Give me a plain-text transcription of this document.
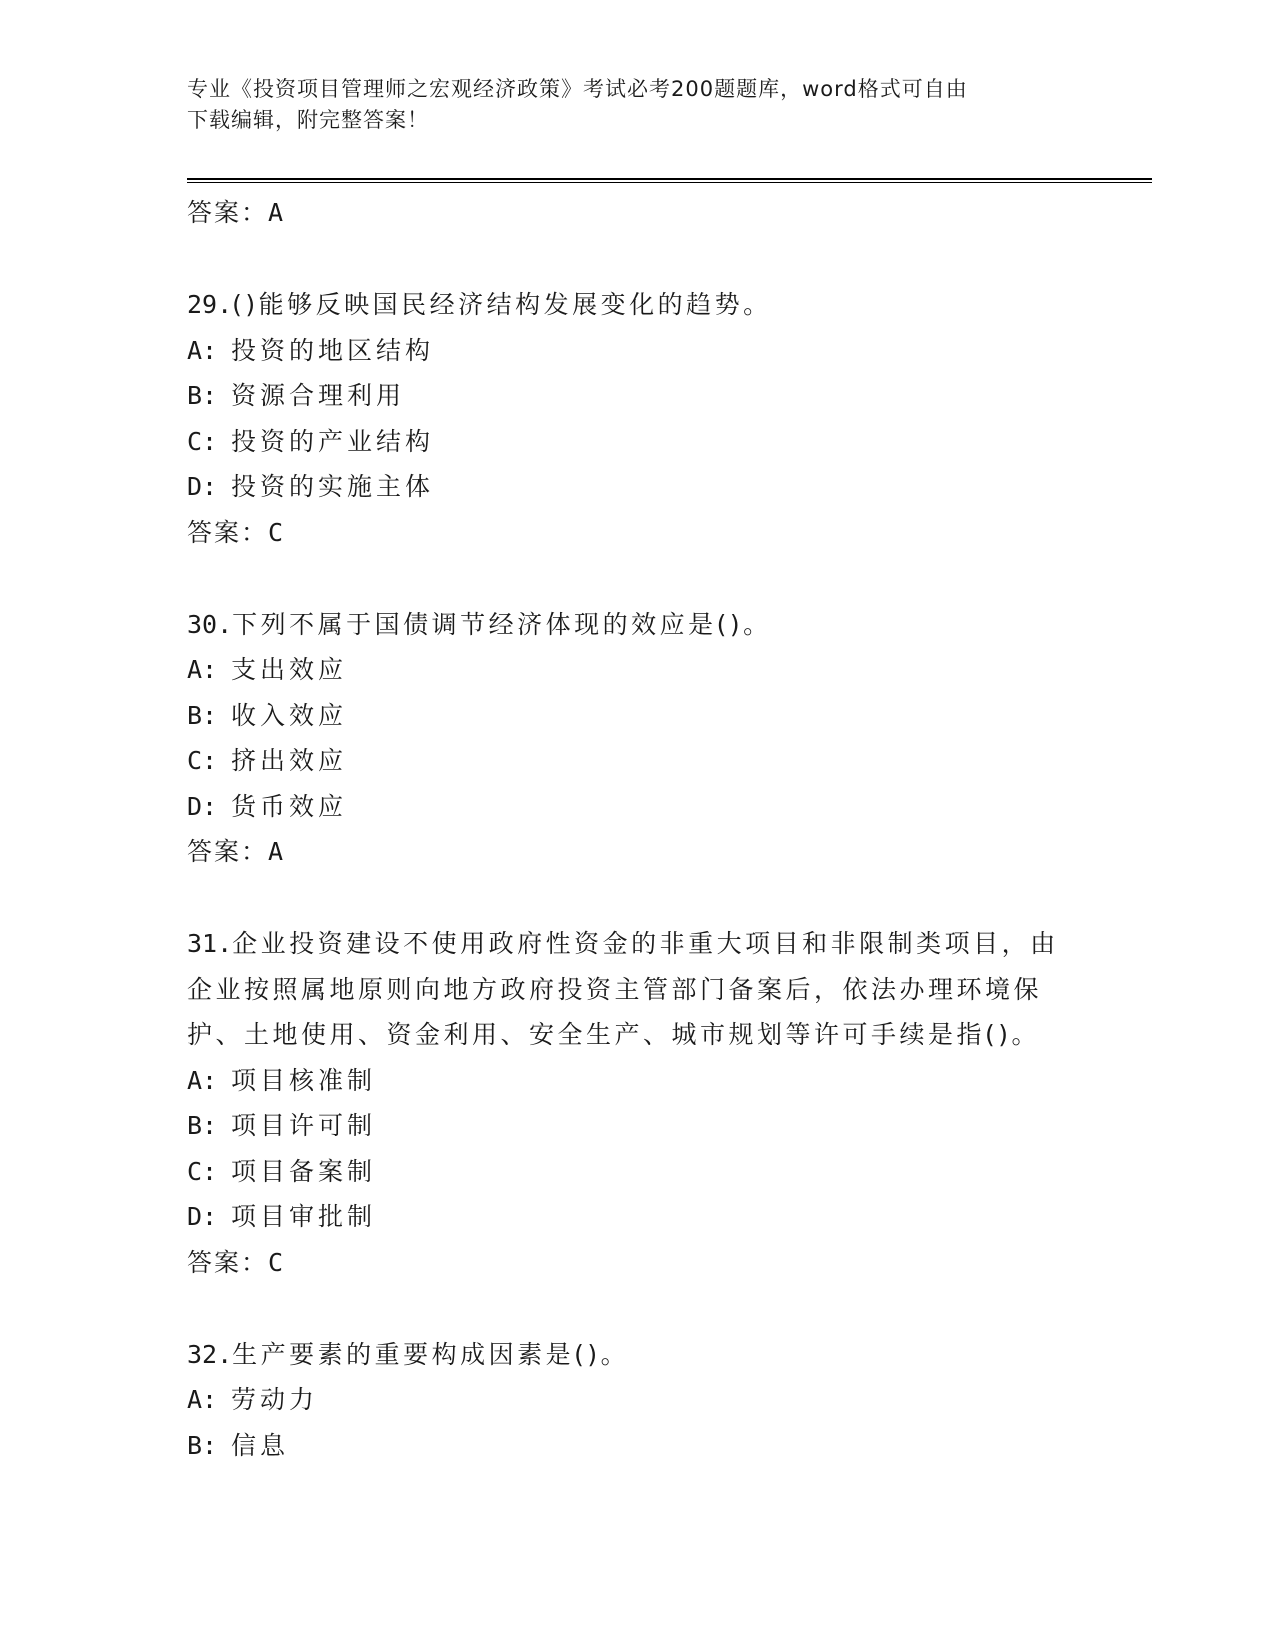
专业《投资项目管理师之宏观经济政策》考试必考200题题库，word格式可自由
下载编辑，附完整答案！
答案：A
29.()能够反映国民经济结构发展变化的趋势。
A: 投资的地区结构
B: 资源合理利用
C: 投资的产业结构
D: 投资的实施主体
答案：C
30.下列不属于国债调节经济体现的效应是()。
A: 支出效应
B: 收入效应
C: 挤出效应
D: 货币效应
答案：A
31.企业投资建设不使用政府性资金的非重大项目和非限制类项目，由企业按照属地原则向地方政府投资主管部门备案后，依法办理环境保护、土地使用、资金利用、安全生产、城市规划等许可手续是指()。
A: 项目核准制
B: 项目许可制
C: 项目备案制
D: 项目审批制
答案：C
32.生产要素的重要构成因素是()。
A: 劳动力
B: 信息
